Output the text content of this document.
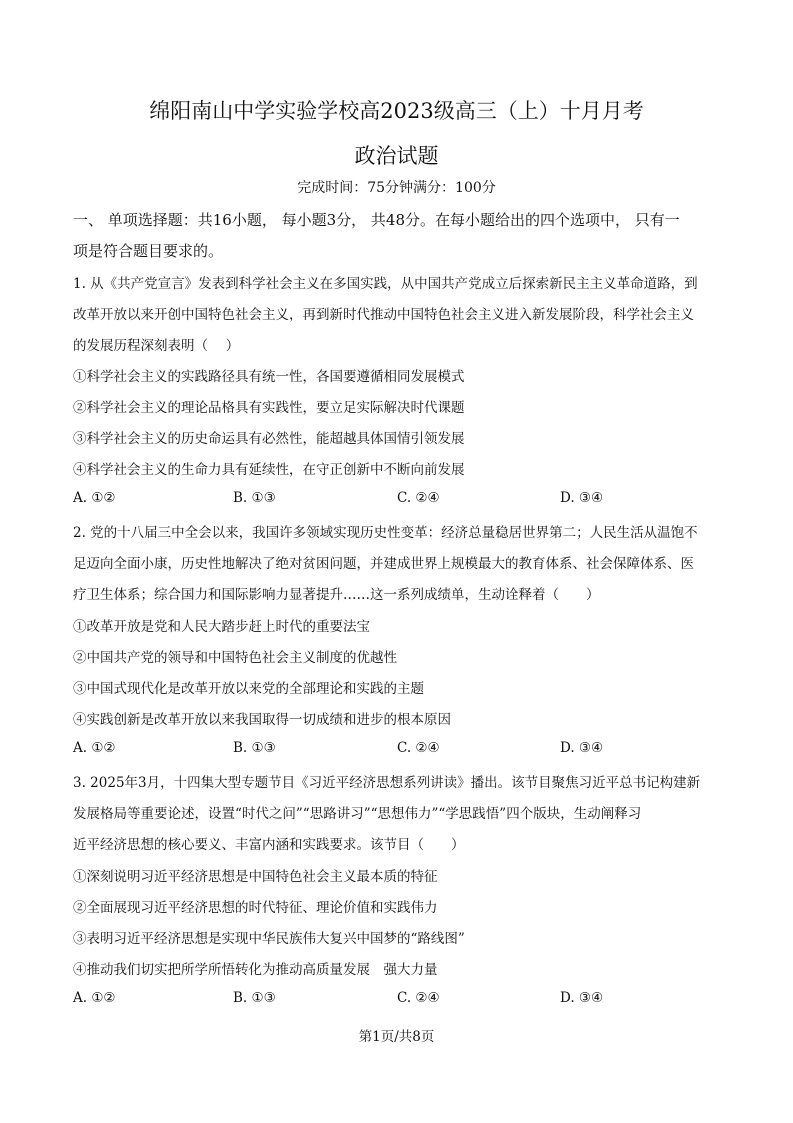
绵阳南山中学实验学校高2023级高三（上）十月月考
政治试题
完成时间：75分钟满分：100分
一、 单项选择题：共16小题， 每小题3分， 共48分。在每小题给出的四个选项中， 只有一
项是符合题目要求的。
1. 从《共产党宣言》发表到科学社会主义在多国实践，从中国共产党成立后探索新民主主义革命道路，到
改革开放以来开创中国特色社会主义，再到新时代推动中国特色社会主义进入新发展阶段，科学社会主义
的发展历程深刻表明（　 ）
①科学社会主义的实践路径具有统一性，各国要遵循相同发展模式
②科学社会主义的理论品格具有实践性，要立足实际解决时代课题
③科学社会主义的历史命运具有必然性，能超越具体国情引领发展
④科学社会主义的生命力具有延续性，在守正创新中不断向前发展
A. ①②	B. ①③	C. ②④	D. ③④
2. 党的十八届三中全会以来，我国许多领域实现历史性变革：经济总量稳居世界第二；人民生活从温饱不
足迈向全面小康，历史性地解决了绝对贫困问题，并建成世界上规模最大的教育体系、社会保障体系、医
疗卫生体系；综合国力和国际影响力显著提升……这一系列成绩单，生动诠释着（　　）
①改革开放是党和人民大踏步赶上时代的重要法宝
②中国共产党的领导和中国特色社会主义制度的优越性
③中国式现代化是改革开放以来党的全部理论和实践的主题
④实践创新是改革开放以来我国取得一切成绩和进步的根本原因
A. ①②	B. ①③	C. ②④	D. ③④
3. 2025年3月，十四集大型专题节目《习近平经济思想系列讲读》播出。该节目聚焦习近平总书记构建新
发展格局等重要论述，设置“时代之问”“思路讲习”“思想伟力”“学思践悟”四个版块，生动阐释习
近平经济思想的核心要义、丰富内涵和实践要求。该节目（　　）
①深刻说明习近平经济思想是中国特色社会主义最本质的特征
②全面展现习近平经济思想的时代特征、理论价值和实践伟力
③表明习近平经济思想是实现中华民族伟大复兴中国梦的“路线图”
④推动我们切实把所学所悟转化为推动高质量发展　强大力量
A. ①②	B. ①③	C. ②④	D. ③④
第1页/共8页
